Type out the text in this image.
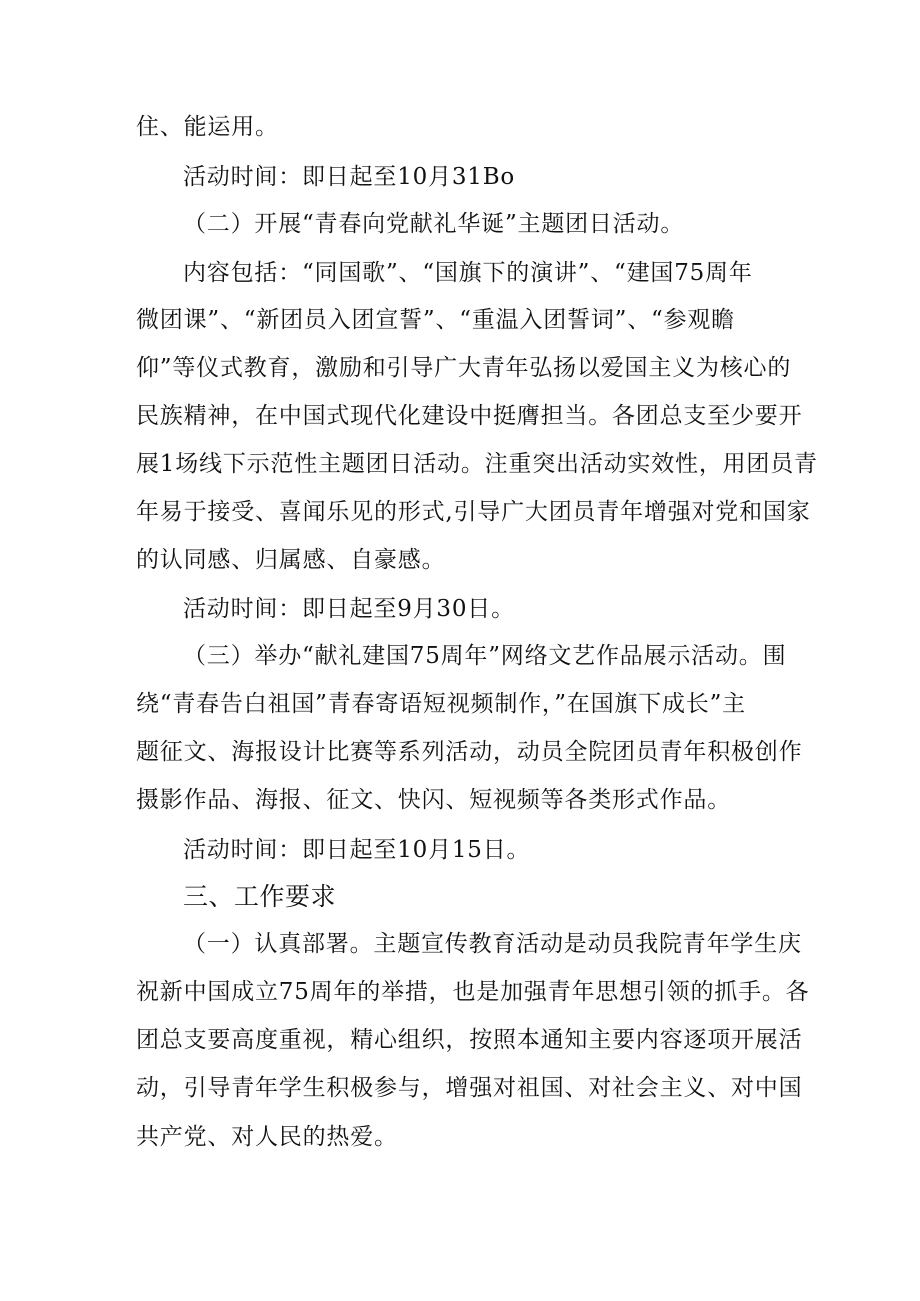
住、能运用。

活动时间：即日起至10月31Bo

（二）开展“青春向党献礼华诞”主题团日活动。

内容包括：“同国歌”、“国旗下的演讲”、“建国75周年

微团课”、“新团员入团宣誓”、“重温入团誓词”、“参观瞻

仰”等仪式教育，激励和引导广大青年弘扬以爱国主义为核心的

民族精神，在中国式现代化建设中挺膺担当。各团总支至少要开

展1场线下示范性主题团日活动。注重突出活动实效性，用团员青

年易于接受、喜闻乐见的形式,引导广大团员青年增强对党和国家

的认同感、归属感、自豪感。

活动时间：即日起至9月30日。

（三）举办“献礼建国75周年”网络文艺作品展示活动。围

绕“青春告白祖国”青春寄语短视频制作，”在国旗下成长”主

题征文、海报设计比赛等系列活动，动员全院团员青年积极创作

摄影作品、海报、征文、快闪、短视频等各类形式作品。

活动时间：即日起至10月15日。

三、工作要求

（一）认真部署。主题宣传教育活动是动员我院青年学生庆

祝新中国成立75周年的举措，也是加强青年思想引领的抓手。各

团总支要高度重视，精心组织，按照本通知主要内容逐项开展活

动，引导青年学生积极参与，增强对祖国、对社会主义、对中国

共产党、对人民的热爱。
